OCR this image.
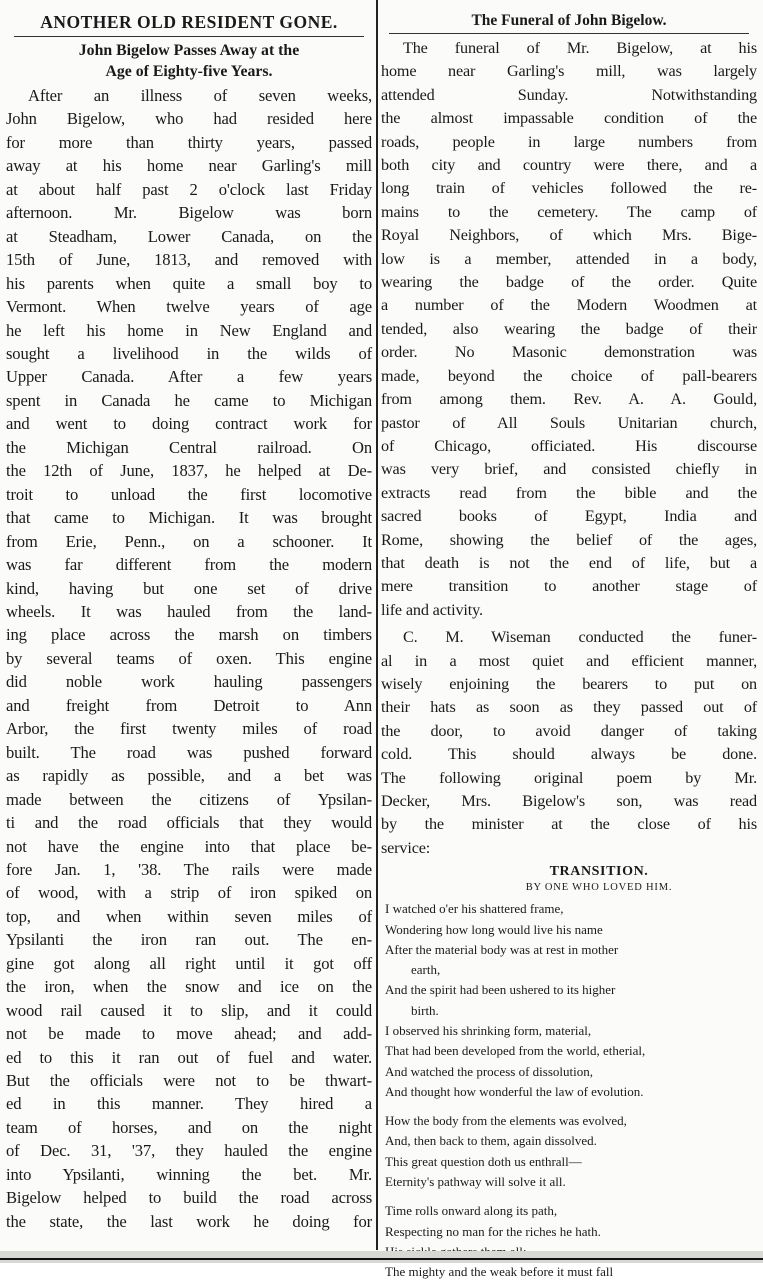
ANOTHER OLD RESIDENT GONE.
John Bigelow Passes Away at the
Age of Eighty-five Years.
After an illness of seven weeks,
John Bigelow, who had resided here
for more than thirty years, passed
away at his home near Garling's mill
at about half past 2 o'clock last Friday
afternoon. Mr. Bigelow was born
at Steadham, Lower Canada, on the
15th of June, 1813, and removed with
his parents when quite a small boy to
Vermont. When twelve years of age
he left his home in New England and
sought a livelihood in the wilds of
Upper Canada. After a few years
spent in Canada he came to Michigan
and went to doing contract work for
the Michigan Central railroad. On
the 12th of June, 1837, he helped at De-
troit to unload the first locomotive
that came to Michigan. It was brought
from Erie, Penn., on a schooner. It
was far different from the modern
kind, having but one set of drive
wheels. It was hauled from the land-
ing place across the marsh on timbers
by several teams of oxen. This engine
did noble work hauling passengers
and freight from Detroit to Ann
Arbor, the first twenty miles of road
built. The road was pushed forward
as rapidly as possible, and a bet was
made between the citizens of Ypsilan-
ti and the road officials that they would
not have the engine into that place be-
fore Jan. 1, '38. The rails were made
of wood, with a strip of iron spiked on
top, and when within seven miles of
Ypsilanti the iron ran out. The en-
gine got along all right until it got off
the iron, when the snow and ice on the
wood rail caused it to slip, and it could
not be made to move ahead; and add-
ed to this it ran out of fuel and water.
But the officials were not to be thwart-
ed in this manner. They hired a
team of horses, and on the night
of Dec. 31, '37, they hauled the engine
into Ypsilanti, winning the bet. Mr.
Bigelow helped to build the road across
the state, the last work he doing for
The Funeral of John Bigelow.
The funeral of Mr. Bigelow, at his
home near Garling's mill, was largely
attended Sunday. Notwithstanding
the almost impassable condition of the
roads, people in large numbers from
both city and country were there, and a
long train of vehicles followed the re-
mains to the cemetery. The camp of
Royal Neighbors, of which Mrs. Bige-
low is a member, attended in a body,
wearing the badge of the order. Quite
a number of the Modern Woodmen at
tended, also wearing the badge of their
order. No Masonic demonstration was
made, beyond the choice of pall-bearers
from among them. Rev. A. A. Gould,
pastor of All Souls Unitarian church,
of Chicago, officiated. His discourse
was very brief, and consisted chiefly in
extracts read from the bible and the
sacred books of Egypt, India and
Rome, showing the belief of the ages,
that death is not the end of life, but a
mere transition to another stage of
life and activity.
C. M. Wiseman conducted the funer-
al in a most quiet and efficient manner,
wisely enjoining the bearers to put on
their hats as soon as they passed out of
the door, to avoid danger of taking
cold. This should always be done.
The following original poem by Mr.
Decker, Mrs. Bigelow's son, was read
by the minister at the close of his
service:
TRANSITION.
BY ONE WHO LOVED HIM.
I watched o'er his shattered frame,
Wondering how long would live his name
After the material body was at rest in mother
earth,
And the spirit had been ushered to its higher
birth.
I observed his shrinking form, material,
That had been developed from the world, etherial,
And watched the process of dissolution,
And thought how wonderful the law of evolution.
How the body from the elements was evolved,
And, then back to them, again dissolved.
This great question doth us enthrall—
Eternity's pathway will solve it all.
Time rolls onward along its path,
Respecting no man for the riches he hath.
The mighty and the weak before it must fall
